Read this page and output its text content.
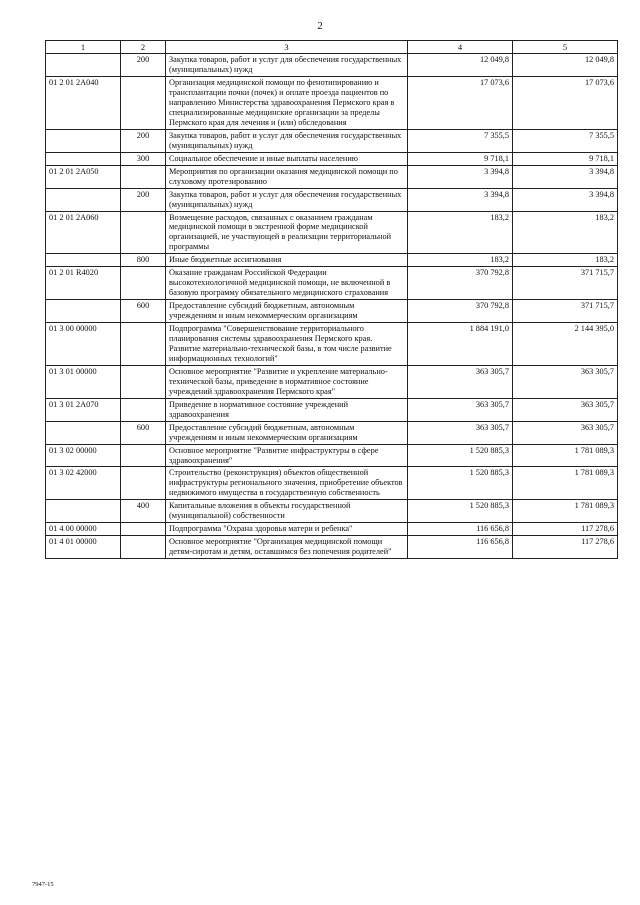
2
1	2	3	4	5
	200	Закупка товаров, работ и услуг для обеспечения государственных (муниципальных) нужд	12 049,8	12 049,8
01 2 01 2A040		Организация медицинской помощи по фенотипированию и трансплантации почки (почек) и оплате проезда пациентов по направлению Министерства здравоохранения Пермского края в специализированные медицинские организации за пределы Пермского края для лечения и (или) обследования	17 073,6	17 073,6
	200	Закупка товаров, работ и услуг для обеспечения государственных (муниципальных) нужд	7 355,5	7 355,5
	300	Социальное обеспечение и иные выплаты населению	9 718,1	9 718,1
01 2 01 2A050		Мероприятия по организации оказания медицинской помощи по слуховому протезированию	3 394,8	3 394,8
	200	Закупка товаров, работ и услуг для обеспечения государственных (муниципальных) нужд	3 394,8	3 394,8
01 2 01 2A060		Возмещение расходов, связанных с оказанием гражданам медицинской помощи в экстренной форме медицинской организацией, не участвующей в реализации территориальной программы	183,2	183,2
	800	Иные бюджетные ассигнования	183,2	183,2
01 2 01 R4020		Оказание гражданам Российской Федерации высокотехнологичной медицинской помощи, не включенной в базовую программу обязательного медицинского страхования	370 792,8	371 715,7
	600	Предоставление субсидий бюджетным, автономным учреждениям и иным некоммерческим организациям	370 792,8	371 715,7
01 3 00 00000		Подпрограмма "Совершенствование территориального планирования системы здравоохранения Пермского края. Развитие материально-технической базы, в том числе развитие информационных технологий"	1 884 191,0	2 144 395,0
01 3 01 00000		Основное мероприятие "Развитие и укрепление материально-технической базы, приведение в нормативное состояние учреждений здравоохранения Пермского края"	363 305,7	363 305,7
01 3 01 2A070		Приведение в нормативное состояние учреждений здравоохранения	363 305,7	363 305,7
	600	Предоставление субсидий бюджетным, автономным учреждениям и иным некоммерческим организациям	363 305,7	363 305,7
01 3 02 00000		Основное мероприятие "Развитие инфраструктуры в сфере здравоохранения"	1 520 885,3	1 781 089,3
01 3 02 42000		Строительство (реконструкция) объектов общественной инфраструктуры регионального значения, приобретение объектов недвижимого имущества в государственную собственность	1 520 885,3	1 781 089,3
	400	Капитальные вложения в объекты государственной (муниципальной) собственности	1 520 885,3	1 781 089,3
01 4 00 00000		Подпрограмма "Охрана здоровья матери и ребенка"	116 656,8	117 278,6
01 4 01 00000		Основное мероприятие "Организация медицинской помощи детям-сиротам и детям, оставшимся без попечения родителей"	116 656,8	117 278,6
7947-15
